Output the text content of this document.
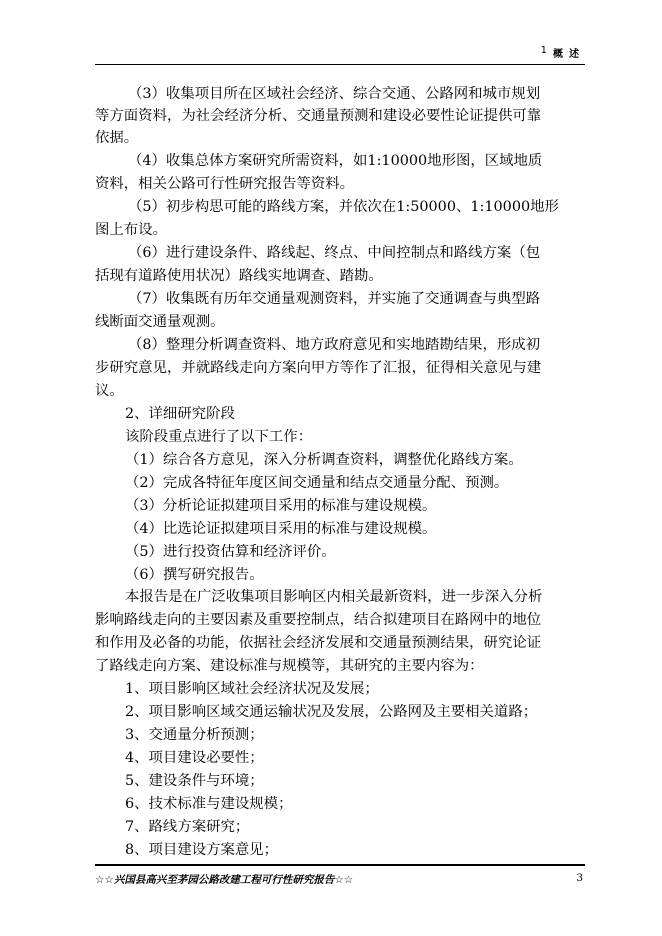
1 概述
（3）收集项目所在区域社会经济、综合交通、公路网和城市规划
等方面资料，为社会经济分析、交通量预测和建设必要性论证提供可靠
依据。
（4）收集总体方案研究所需资料，如1:10000地形图，区域地质
资料，相关公路可行性研究报告等资料。
（5）初步构思可能的路线方案，并依次在1:50000、1:10000地形
图上布设。
（6）进行建设条件、路线起、终点、中间控制点和路线方案（包
括现有道路使用状况）路线实地调查、踏勘。
（7）收集既有历年交通量观测资料，并实施了交通调查与典型路
线断面交通量观测。
（8）整理分析调查资料、地方政府意见和实地踏勘结果，形成初
步研究意见，并就路线走向方案向甲方等作了汇报，征得相关意见与建
议。
2、详细研究阶段
该阶段重点进行了以下工作：
（1）综合各方意见，深入分析调查资料，调整优化路线方案。
（2）完成各特征年度区间交通量和结点交通量分配、预测。
（3）分析论证拟建项目采用的标准与建设规模。
（4）比选论证拟建项目采用的标准与建设规模。
（5）进行投资估算和经济评价。
（6）撰写研究报告。
本报告是在广泛收集项目影响区内相关最新资料，进一步深入分析
影响路线走向的主要因素及重要控制点，结合拟建项目在路网中的地位
和作用及必备的功能，依据社会经济发展和交通量预测结果，研究论证
了路线走向方案、建设标准与规模等，其研究的主要内容为：
1、项目影响区域社会经济状况及发展；
2、项目影响区域交通运输状况及发展，公路网及主要相关道路；
3、交通量分析预测；
4、项目建设必要性；
5、建设条件与环境；
6、技术标准与建设规模；
7、路线方案研究；
8、项目建设方案意见；
☆☆兴国县高兴至茅园公路改建工程可行性研究报告☆☆	3
